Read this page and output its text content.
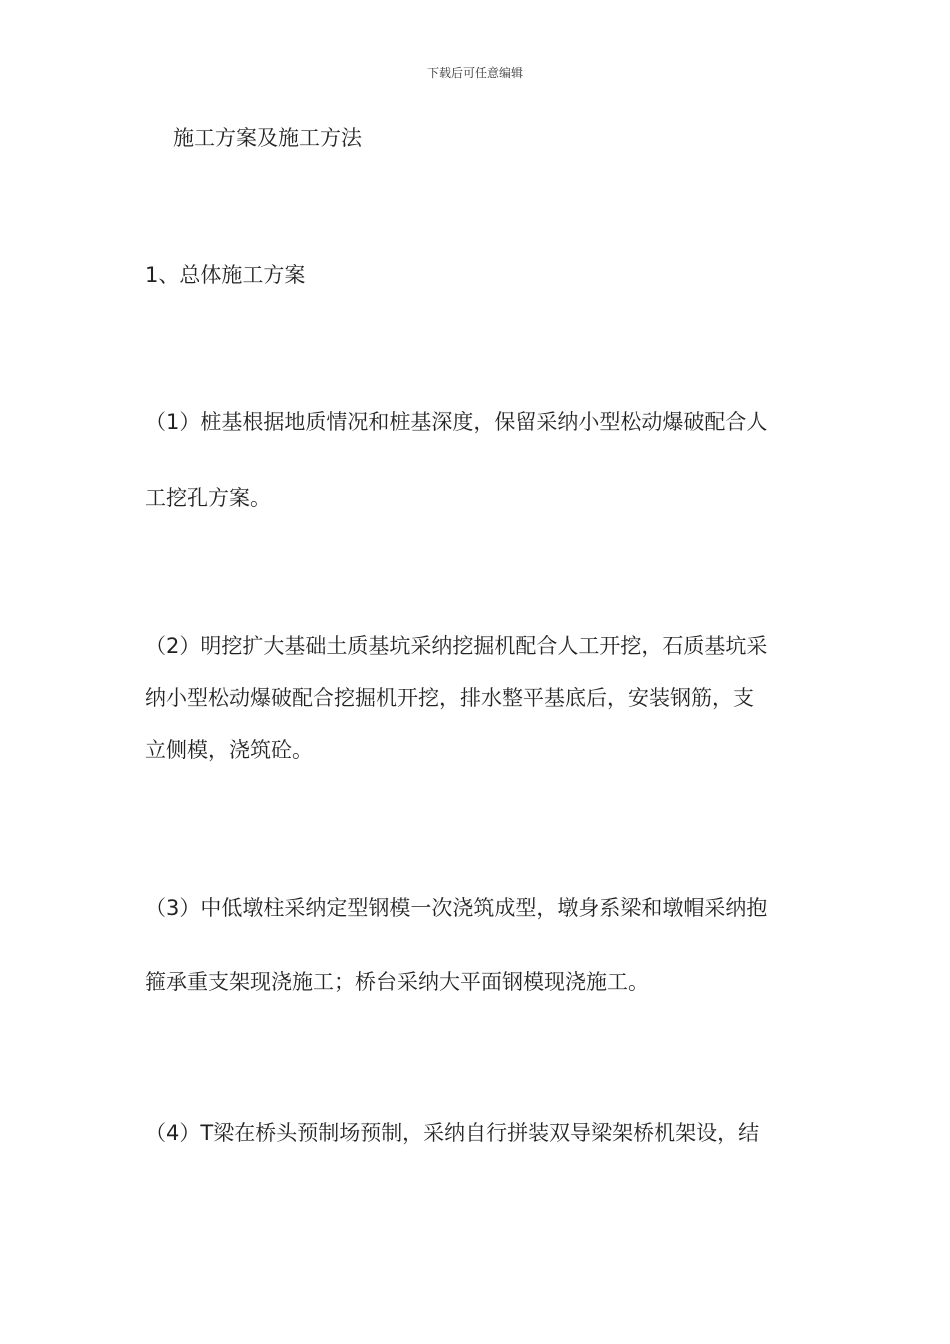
下载后可任意编辑
施工方案及施工方法
1、总体施工方案
（1）桩基根据地质情况和桩基深度，保留采纳小型松动爆破配合人
工挖孔方案。
（2）明挖扩大基础土质基坑采纳挖掘机配合人工开挖，石质基坑采
纳小型松动爆破配合挖掘机开挖，排水整平基底后，安装钢筋，支
立侧模，浇筑砼。
（3）中低墩柱采纳定型钢模一次浇筑成型，墩身系梁和墩帽采纳抱
箍承重支架现浇施工；桥台采纳大平面钢模现浇施工。
（4）T梁在桥头预制场预制，采纳自行拼装双导梁架桥机架设，结
